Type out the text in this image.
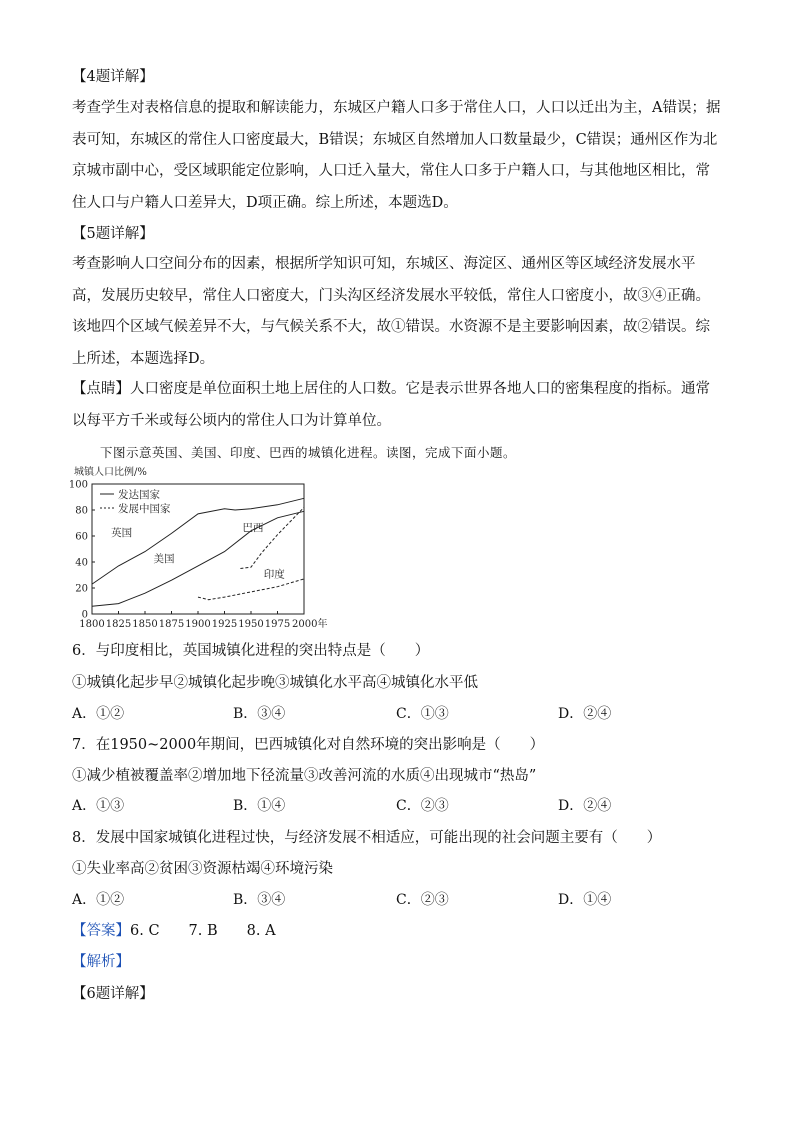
【4题详解】

考查学生对表格信息的提取和解读能力，东城区户籍人口多于常住人口，人口以迁出为主，A错误；据表可知，东城区的常住人口密度最大，B错误；东城区自然增加人口数量最少，C错误；通州区作为北京城市副中心，受区域职能定位影响，人口迁入量大，常住人口多于户籍人口，与其他地区相比，常住人口与户籍人口差异大，D项正确。综上所述，本题选D。

【5题详解】

考查影响人口空间分布的因素，根据所学知识可知，东城区、海淀区、通州区等区域经济发展水平高，发展历史较早，常住人口密度大，门头沟区经济发展水平较低，常住人口密度小，故③④正确。该地四个区域气候差异不大，与气候关系不大，故①错误。水资源不是主要影响因素，故②错误。综上所述，本题选择D。

【点睛】人口密度是单位面积土地上居住的人口数。它是表示世界各地人口的密集程度的指标。通常以每平方千米或每公顷内的常住人口为计算单位。

下图示意英国、美国、印度、巴西的城镇化进程。读图，完成下面小题。
城镇人口比例/%
0
20
40
60
80
100
1800 1825 1850 1875 1900 1925 1950 1975 2000年
发达国家
发展中国家
英国
美国
巴西
印度
6．与印度相比，英国城镇化进程的突出特点是（　　）
①城镇化起步早②城镇化起步晚③城镇化水平高④城镇化水平低
A．①②	B．③④	C．①③	D．②④
7．在1950~2000年期间，巴西城镇化对自然环境的突出影响是（　　）
①减少植被覆盖率②增加地下径流量③改善河流的水质④出现城市“热岛”
A．①③	B．①④	C．②③	D．②④
8．发展中国家城镇化进程过快，与经济发展不相适应，可能出现的社会问题主要有（　　）
①失业率高②贫困③资源枯竭④环境污染
A．①②	B．③④	C．②③	D．①④
【答案】6. C　　7. B　　8. A
【解析】
【6题详解】
